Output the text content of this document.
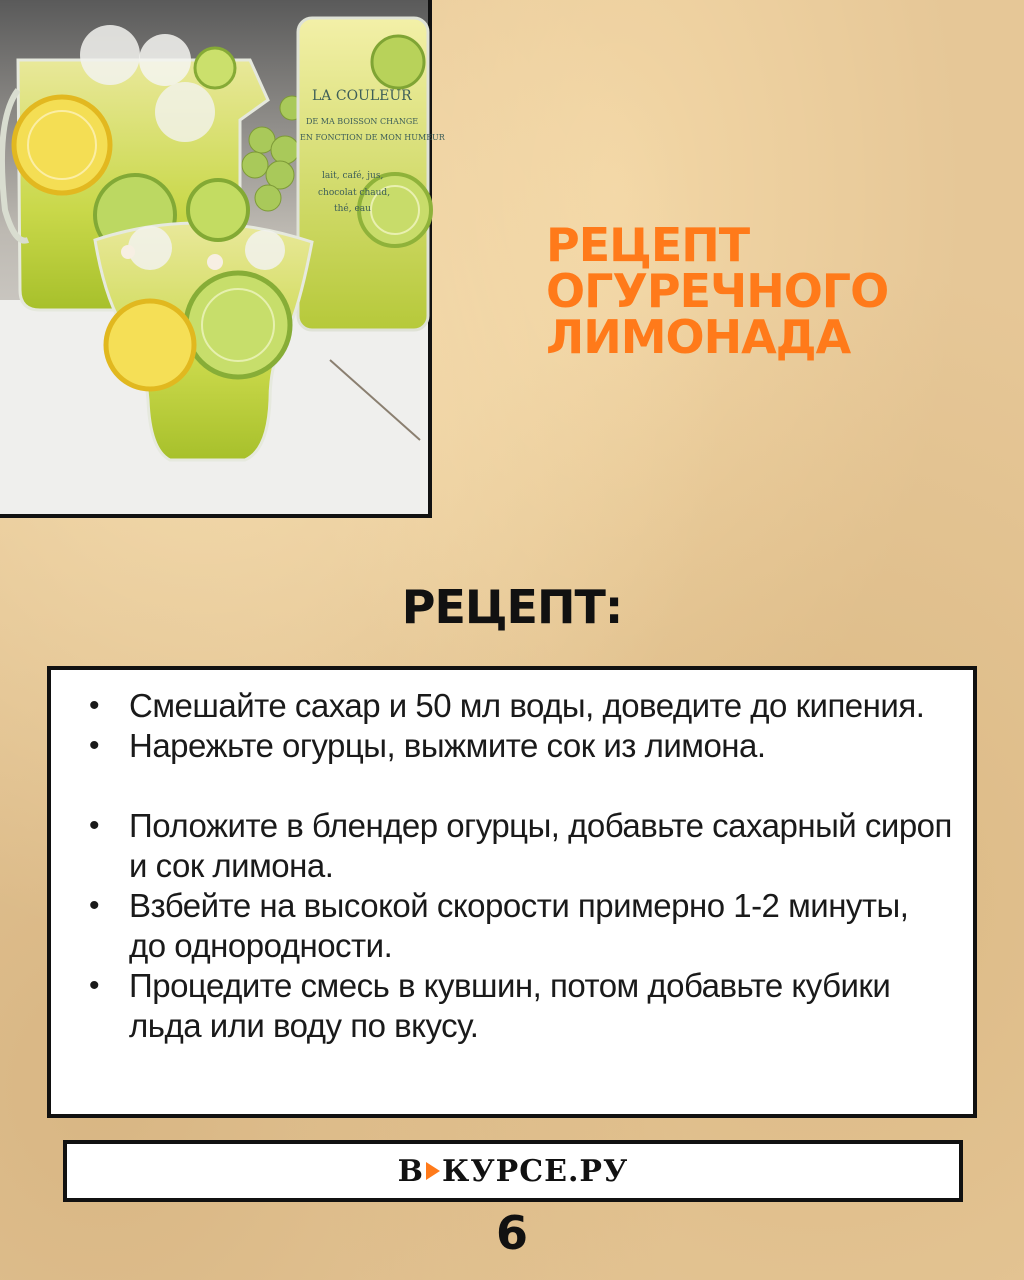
LA COULEUR
DE MA BOISSON CHANGE
EN FONCTION DE MON HUMEUR
lait, café, jus,
chocolat chaud,
thé, eau
РЕЦЕПТ
ОГУРЕЧНОГО
ЛИМОНАДА
РЕЦЕПТ:
• Смешайте сахар и 50 мл воды, доведите до кипения.
• Нарежьте огурцы, выжмите сок из лимона.
• Положите в блендер огурцы, добавьте сахарный сироп и сок лимона.
• Взбейте на высокой скорости примерно 1-2 минуты, до однородности.
• Процедите смесь в кувшин, потом добавьте кубики льда или воду по вкусу.
В КУРСЕ.РУ
6
